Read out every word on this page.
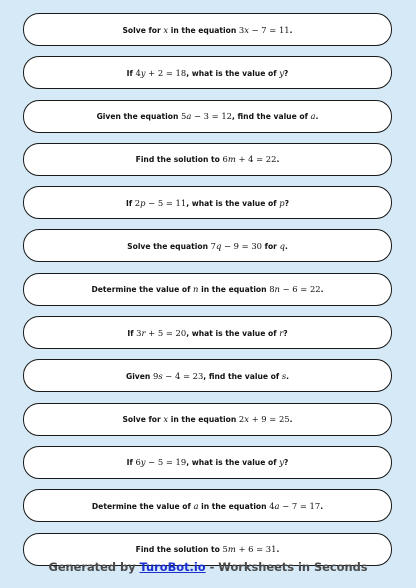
Solve for x in the equation 3x − 7 = 11.
If 4y + 2 = 18, what is the value of y?
Given the equation 5a − 3 = 12, find the value of a.
Find the solution to 6m + 4 = 22.
If 2p − 5 = 11, what is the value of p?
Solve the equation 7q − 9 = 30 for q.
Determine the value of n in the equation 8n − 6 = 22.
If 3r + 5 = 20, what is the value of r?
Given 9s − 4 = 23, find the value of s.
Solve for x in the equation 2x + 9 = 25.
If 6y − 5 = 19, what is the value of y?
Determine the value of a in the equation 4a − 7 = 17.
Find the solution to 5m + 6 = 31.
Generated by TuroBot.io - Worksheets in Seconds
